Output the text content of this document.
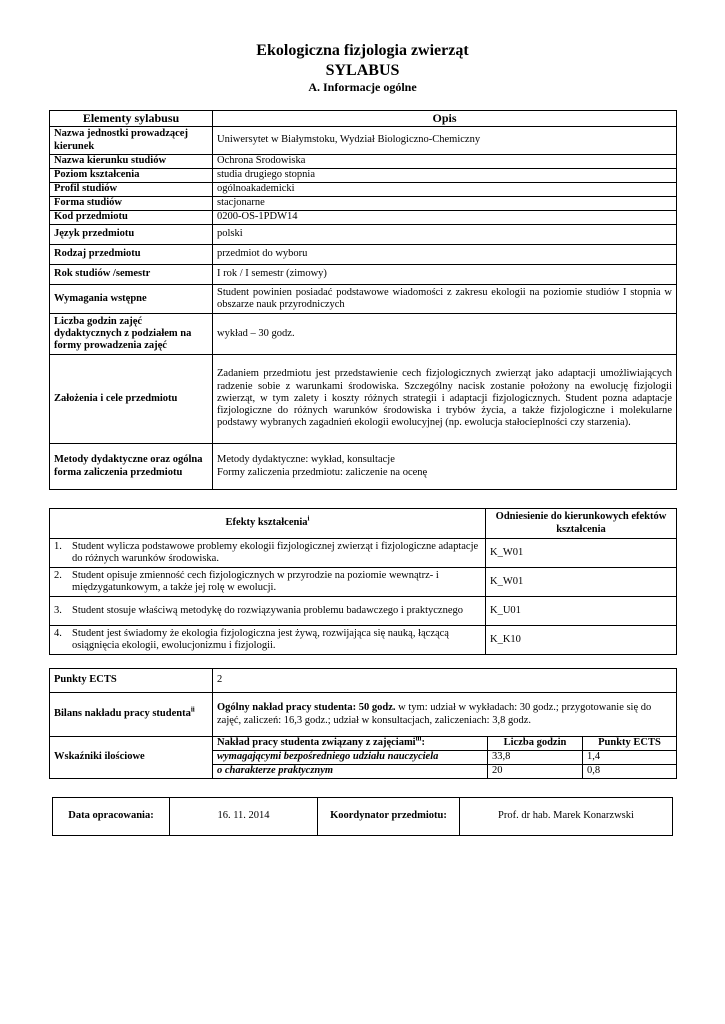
Ekologiczna fizjologia zwierząt
SYLABUS
A. Informacje ogólne
Elementy sylabusu	Opis
Nazwa jednostki prowadzącej kierunek	Uniwersytet w Białymstoku, Wydział Biologiczno-Chemiczny
Nazwa kierunku studiów	Ochrona Środowiska
Poziom kształcenia	studia drugiego stopnia
Profil studiów	ogólnoakademicki
Forma studiów	stacjonarne
Kod przedmiotu	0200-OS-1PDW14
Język przedmiotu	polski
Rodzaj przedmiotu	przedmiot do wyboru
Rok studiów /semestr	I rok / I semestr (zimowy)
Wymagania wstępne	Student powinien posiadać podstawowe wiadomości z zakresu ekologii na poziomie studiów I stopnia w obszarze nauk przyrodniczych
Liczba godzin zajęć dydaktycznych z podziałem na formy prowadzenia zajęć	wykład – 30 godz.
Założenia i cele przedmiotu	Zadaniem przedmiotu jest przedstawienie cech fizjologicznych zwierząt jako adaptacji umożliwiających radzenie sobie z warunkami środowiska. Szczególny nacisk zostanie położony na ewolucję fizjologii zwierząt, w tym zalety i koszty różnych strategii i adaptacji fizjologicznych. Student pozna adaptacje fizjologiczne do różnych warunków środowiska i trybów życia, a także fizjologiczne i molekularne podstawy wybranych zagadnień ekologii ewolucyjnej (np. ewolucja stałocieplności czy starzenia).
Metody dydaktyczne oraz ogólna forma zaliczenia przedmiotu	Metody dydaktyczne: wykład, konsultacje
Formy zaliczenia przedmiotu: zaliczenie na ocenę
Efekty kształcenia$^i$	Odniesienie do kierunkowych efektów kształcenia
1. Student wylicza podstawowe problemy ekologii fizjologicznej zwierząt i fizjologiczne adaptacje do różnych warunków środowiska.	K_W01
2. Student opisuje zmienność cech fizjologicznych w przyrodzie na poziomie wewnątrz- i międzygatunkowym, a także jej rolę w ewolucji.	K_W01
3. Student stosuje właściwą metodykę do rozwiązywania problemu badawczego i praktycznego	K_U01
4. Student jest świadomy że ekologia fizjologiczna jest żywą, rozwijająca się nauką, łączącą osiągnięcia ekologii, ewolucjonizmu i fizjologii.	K_K10
Punkty ECTS	2		
Bilans nakładu pracy studenta$^{ii}$	Ogólny nakład pracy studenta: 50 godz. w tym: udział w wykładach: 30 godz.; przygotowanie się do zajęć, zaliczeń: 16,3 godz.; udział w konsultacjach, zaliczeniach: 3,8 godz.		
Wskaźniki ilościowe	Nakład pracy studenta związany z zajęciami$^{iii}$:	Liczba godzin	Punkty ECTS
	wymagającymi bezpośredniego udziału nauczyciela	33,8	1,4
	o charakterze praktycznym	20	0,8
Data opracowania:	16. 11. 2014	Koordynator przedmiotu:	Prof. dr hab. Marek Konarzwski
